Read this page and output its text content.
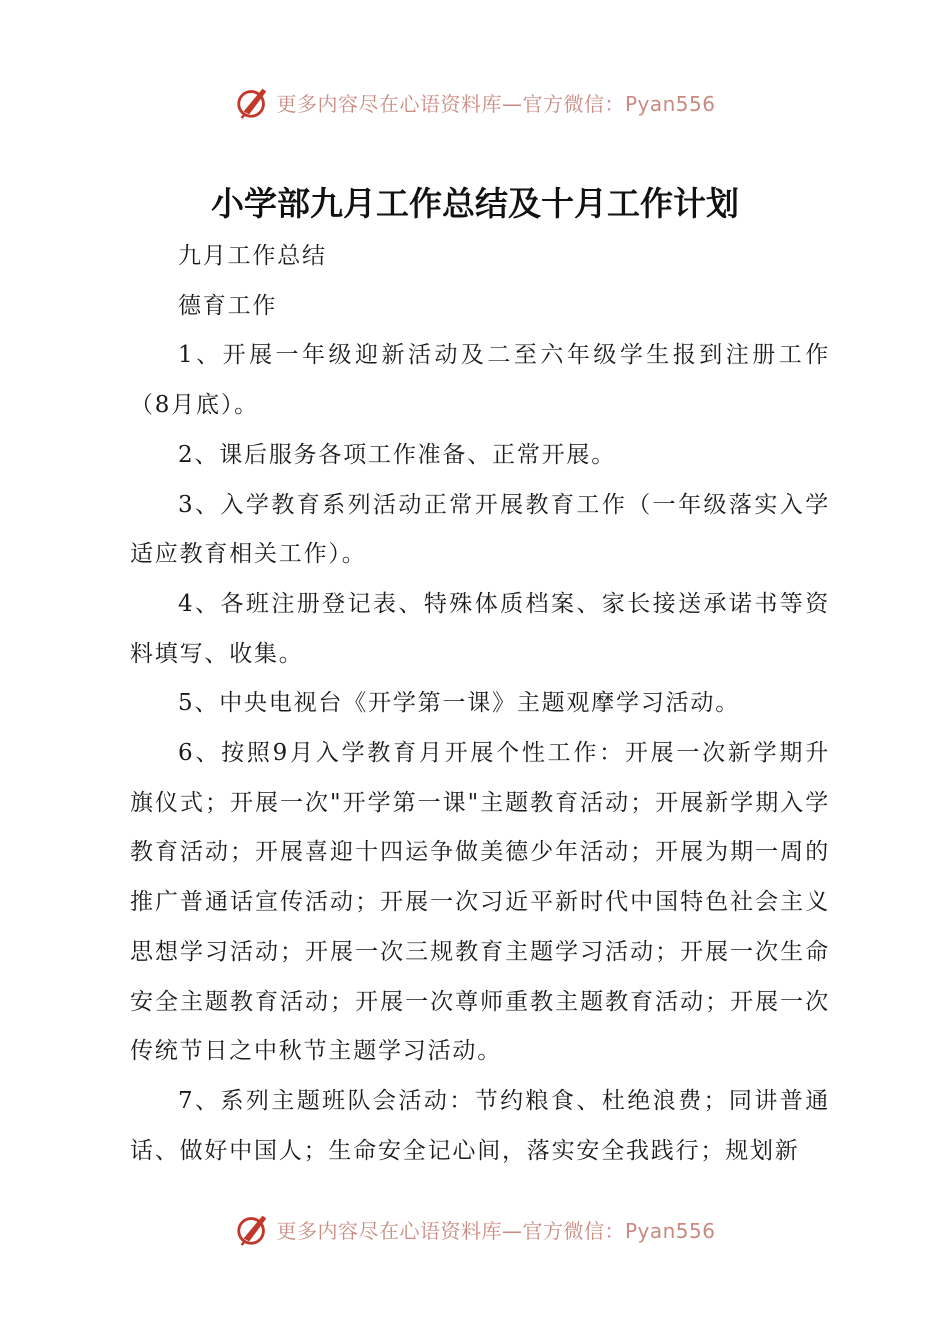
更多内容尽在心语资料库—官方微信：Pyan556
小学部九月工作总结及十月工作计划

九月工作总结

德育工作

1、开展一年级迎新活动及二至六年级学生报到注册工作（8月底）。

2、课后服务各项工作准备、正常开展。

3、入学教育系列活动正常开展教育工作（一年级落实入学适应教育相关工作）。

4、各班注册登记表、特殊体质档案、家长接送承诺书等资料填写、收集。

5、中央电视台《开学第一课》主题观摩学习活动。

6、按照9月入学教育月开展个性工作：开展一次新学期升旗仪式；开展一次"开学第一课"主题教育活动；开展新学期入学教育活动；开展喜迎十四运争做美德少年活动；开展为期一周的推广普通话宣传活动；开展一次习近平新时代中国特色社会主义思想学习活动；开展一次三规教育主题学习活动；开展一次生命安全主题教育活动；开展一次尊师重教主题教育活动；开展一次传统节日之中秋节主题学习活动。

7、系列主题班队会活动：节约粮食、杜绝浪费；同讲普通话、做好中国人；生命安全记心间，落实安全我践行；规划新

更多内容尽在心语资料库—官方微信：Pyan556
